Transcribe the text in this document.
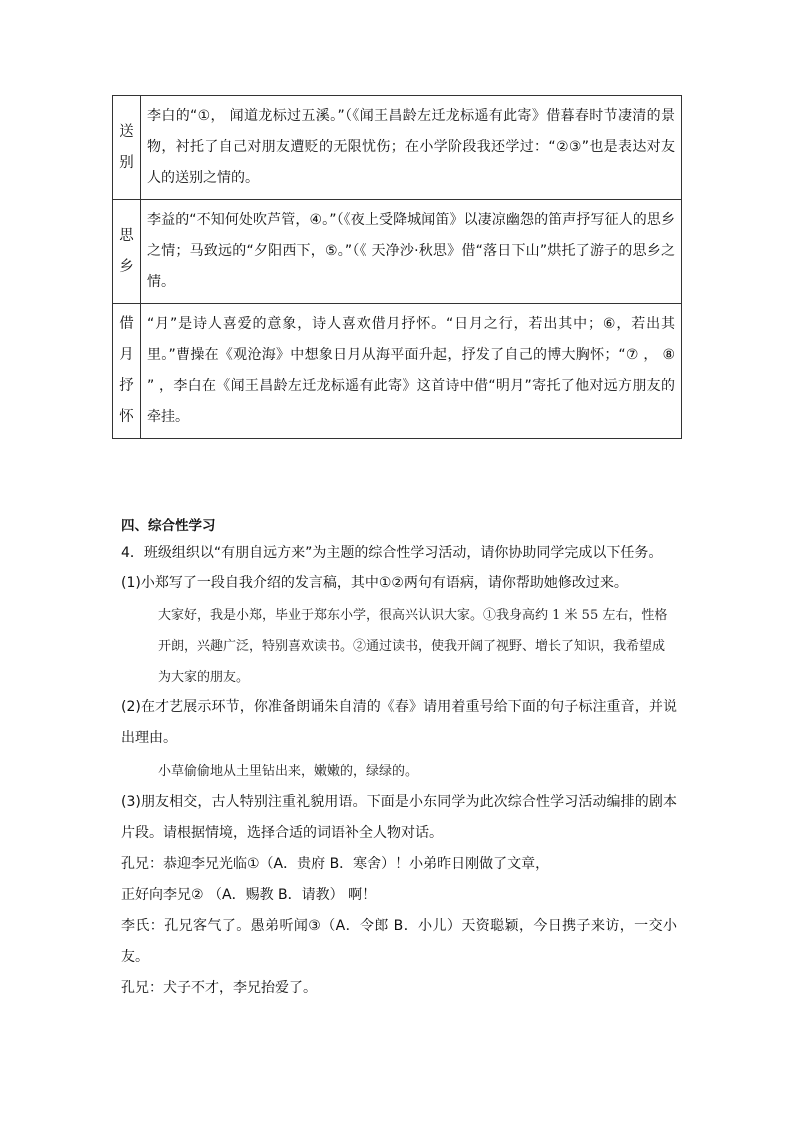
送别	李白的“①， 闻道龙标过五溪。”（《闻王昌龄左迁龙标遥有此寄》借暮春时节凄清的景物，衬托了自己对朋友遭贬的无限忧伤；在小学阶段我还学过：“②③”也是表达对友人的送别之情的。

思乡	李益的“不知何处吹芦管，④。”（《夜上受降城闻笛》以凄凉幽怨的笛声抒写征人的思乡之情；马致远的“夕阳西下，⑤。”（《 天净沙·秋思》借“落日下山”烘托了游子的思乡之情。

借月抒怀	“月”是诗人喜爱的意象，诗人喜欢借月抒怀。“日月之行，若出其中；⑥，若出其里。”曹操在《观沧海》中想象日月从海平面升起，抒发了自己的博大胸怀；“⑦ ， ⑧ ” ，李白在《闻王昌龄左迁龙标遥有此寄》这首诗中借“明月”寄托了他对远方朋友的牵挂。
四、综合性学习
4．班级组织以“有朋自远方来”为主题的综合性学习活动，请你协助同学完成以下任务。
(1)小郑写了一段自我介绍的发言稿，其中①②两句有语病，请你帮助她修改过来。
大家好，我是小郑，毕业于郑东小学，很高兴认识大家。①我身高约 1 米 55 左右，性格开朗，兴趣广泛，特别喜欢读书。②通过读书，使我开阔了视野、增长了知识，我希望成为大家的朋友。
(2)在才艺展示环节，你准备朗诵朱自清的《春》请用着重号给下面的句子标注重音，并说出理由。
小草偷偷地从土里钻出来，嫩嫩的，绿绿的。
(3)朋友相交，古人特别注重礼貌用语。下面是小东同学为此次综合性学习活动编排的剧本片段。请根据情境，选择合适的词语补全人物对话。
孔兄：恭迎李兄光临①（A．贵府 B．寒舍）！小弟昨日刚做了文章，
正好向李兄② （A．赐教 B．请教） 啊！
李氏：孔兄客气了。愚弟听闻③（A．令郎 B．小儿）天资聪颖，今日携子来访，一交小友。
孔兄：犬子不才，李兄抬爱了。
